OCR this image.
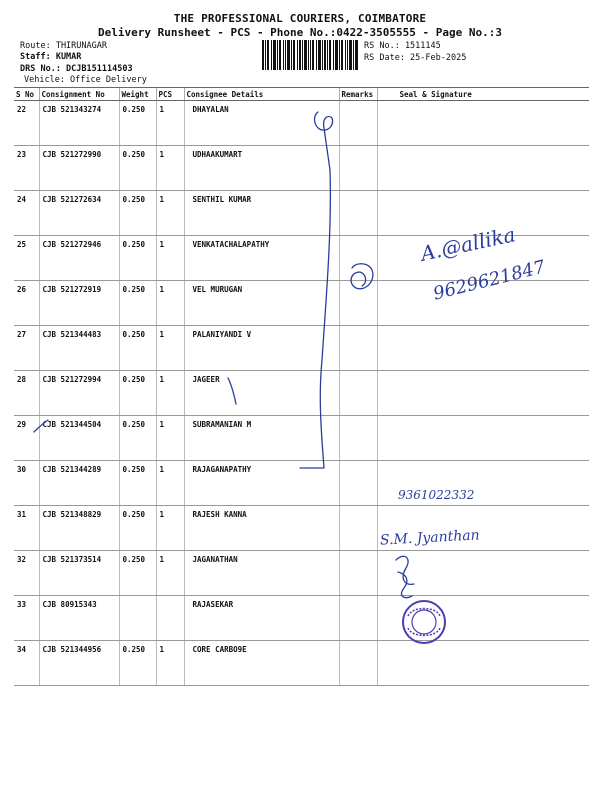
THE PROFESSIONAL COURIERS, COIMBATORE
Delivery Runsheet - PCS - Phone No.:0422-3505555 - Page No.:3
Route: THIRUNAGAR
Staff: KUMAR
DRS No.: DCJB151114503
Vehicle: Office Delivery
RS No.: 1511145
RS Date: 25-Feb-2025
S No	Consignment No	Weight	PCS	Consignee Details	Remarks	Seal & Signature
22	CJB 521343274	0.250	1	DHAYALAN		
23	CJB 521272990	0.250	1	UDHAAKUMART		
24	CJB 521272634	0.250	1	SENTHIL KUMAR		
25	CJB 521272946	0.250	1	VENKATACHALAPATHY		
26	CJB 521272919	0.250	1	VEL MURUGAN		
27	CJB 521344483	0.250	1	PALANIYANDI V		
28	CJB 521272994	0.250	1	JAGEER		
29	CJB 521344504	0.250	1	SUBRAMANIAN M		
30	CJB 521344289	0.250	1	RAJAGANAPATHY		
31	CJB 521348829	0.250	1	RAJESH KANNA		
32	CJB 521373514	0.250	1	JAGANATHAN		
33	CJB 80915343			RAJASEKAR		
34	CJB 521344956	0.250	1	CORE CARBO9E		
A.@allika
9629621847
9361022332
S.M. Jyanthan
